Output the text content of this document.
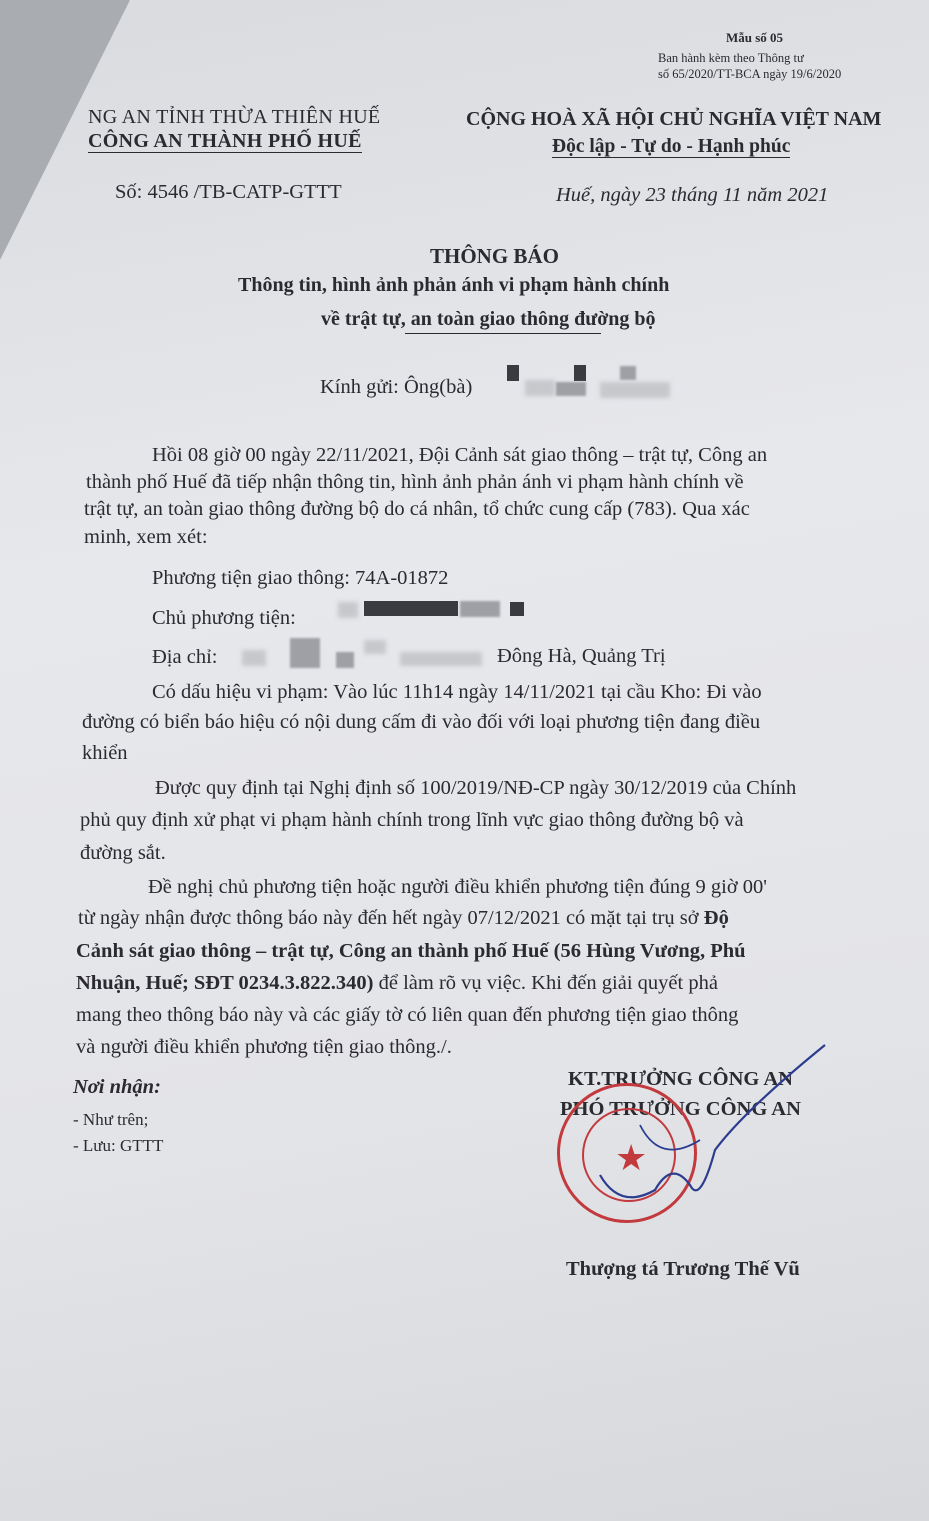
Mẫu số 05
Ban hành kèm theo Thông tư
số 65/2020/TT-BCA ngày 19/6/2020
NG AN TỈNH THỪA THIÊN HUẾ
CÔNG AN THÀNH PHỐ HUẾ
Số: 4546 /TB-CATP-GTTT
CỘNG HOÀ XÃ HỘI CHỦ NGHĨA VIỆT NAM
Độc lập - Tự do - Hạnh phúc
Huế, ngày 23 tháng 11 năm 2021
THÔNG BÁO
Thông tin, hình ảnh phản ánh vi phạm hành chính
về trật tự, an toàn giao thông đường bộ
Kính gửi: Ông(bà)
Hồi 08 giờ 00 ngày 22/11/2021, Đội Cảnh sát giao thông – trật tự, Công an
thành phố Huế đã tiếp nhận thông tin, hình ảnh phản ánh vi phạm hành chính về
trật tự, an toàn giao thông đường bộ do cá nhân, tổ chức cung cấp (783). Qua xác
minh, xem xét:
Phương tiện giao thông: 74A-01872
Chủ phương tiện:
Địa chỉ:	Đông Hà, Quảng Trị
Có dấu hiệu vi phạm: Vào lúc 11h14 ngày 14/11/2021 tại cầu Kho: Đi vào
đường có biển báo hiệu có nội dung cấm đi vào đối với loại phương tiện đang điều
khiển
Được quy định tại Nghị định số 100/2019/NĐ-CP ngày 30/12/2019 của Chính
phủ quy định xử phạt vi phạm hành chính trong lĩnh vực giao thông đường bộ và
đường sắt.
Đề nghị chủ phương tiện hoặc người điều khiển phương tiện đúng 9 giờ 00'
từ ngày nhận được thông báo này đến hết ngày 07/12/2021 có mặt tại trụ sở Độ
Cảnh sát giao thông – trật tự, Công an thành phố Huế (56 Hùng Vương, Phú
Nhuận, Huế; SĐT 0234.3.822.340) để làm rõ vụ việc. Khi đến giải quyết phả
mang theo thông báo này và các giấy tờ có liên quan đến phương tiện giao thông
và người điều khiển phương tiện giao thông./.
Nơi nhận:
- Như trên;
- Lưu: GTTT
KT.TRƯỞNG CÔNG AN
PHÓ TRƯỞNG CÔNG AN
★
Thượng tá Trương Thế Vũ
